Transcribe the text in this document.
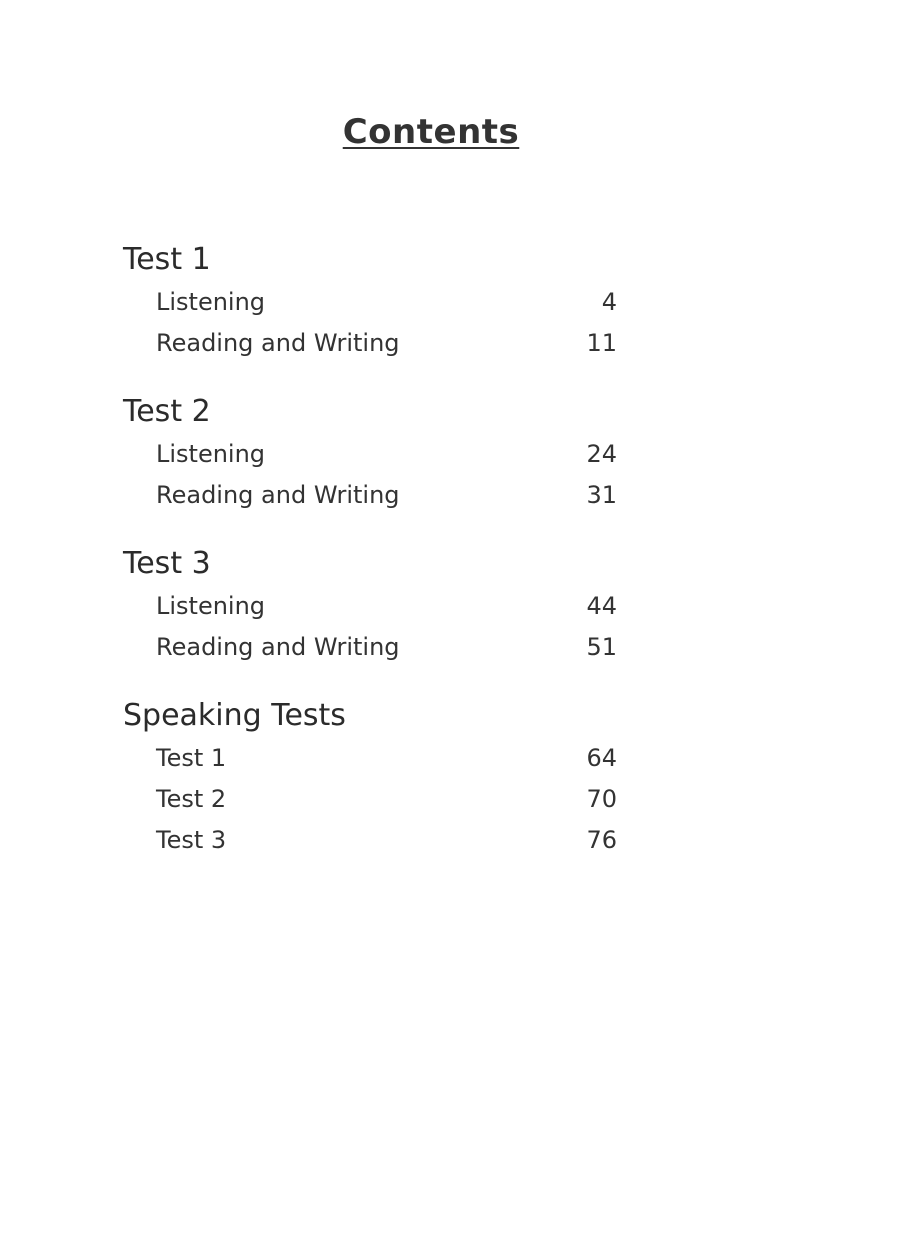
Contents
Test 1
Listening	4
Reading and Writing	11
Test 2
Listening	24
Reading and Writing	31
Test 3
Listening	44
Reading and Writing	51
Speaking Tests
Test 1	64
Test 2	70
Test 3	76
